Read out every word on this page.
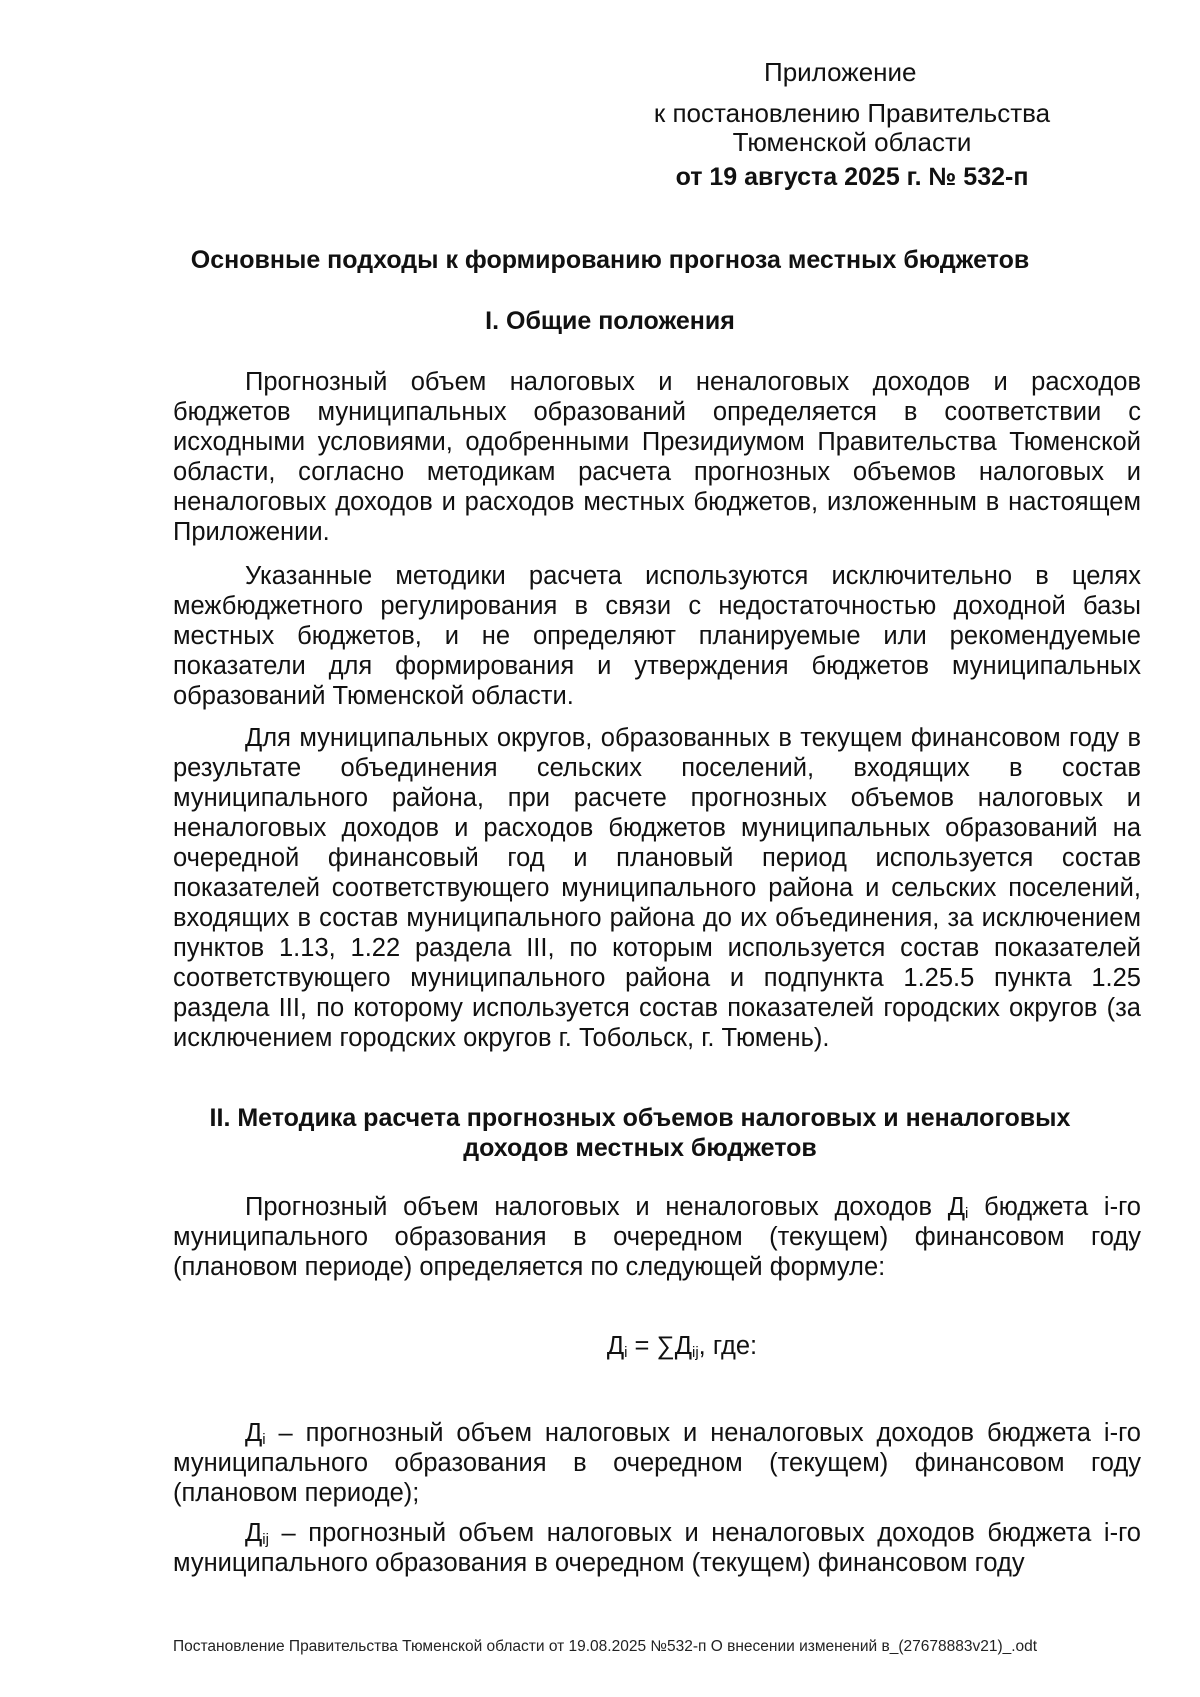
Приложение
к постановлению Правительства Тюменской области
от 19 августа 2025 г. № 532-п
Основные подходы к формированию прогноза местных бюджетов
I. Общие положения

Прогнозный объем налоговых и неналоговых доходов и расходов бюджетов муниципальных образований определяется в соответствии с исходными условиями, одобренными Президиумом Правительства Тюменской области, согласно методикам расчета прогнозных объемов налоговых и неналоговых доходов и расходов местных бюджетов, изложенным в настоящем Приложении.

Указанные методики расчета используются исключительно в целях межбюджетного регулирования в связи с недостаточностью доходной базы местных бюджетов, и не определяют планируемые или рекомендуемые показатели для формирования и утверждения бюджетов муниципальных образований Тюменской области.

Для муниципальных округов, образованных в текущем финансовом году в результате объединения сельских поселений, входящих в состав муниципального района, при расчете прогнозных объемов налоговых и неналоговых доходов и расходов бюджетов муниципальных образований на очередной финансовый год и плановый период используется состав показателей соответствующего муниципального района и сельских поселений, входящих в состав муниципального района до их объединения, за исключением пунктов 1.13, 1.22 раздела III, по которым используется состав показателей соответствующего муниципального района и подпункта 1.25.5 пункта 1.25 раздела III, по которому используется состав показателей городских округов (за исключением городских округов г. Тобольск, г. Тюмень).

II. Методика расчета прогнозных объемов налоговых и неналоговых доходов местных бюджетов

Прогнозный объем налоговых и неналоговых доходов $Д_i$ бюджета i-го муниципального образования в очередном (текущем) финансовом году (плановом периоде) определяется по следующей формуле:

$Д_i = \sum Д_{ij}$, где:

$Д_i$ – прогнозный объем налоговых и неналоговых доходов бюджета i-го муниципального образования в очередном (текущем) финансовом году (плановом периоде);

$Д_{ij}$ – прогнозный объем налоговых и неналоговых доходов бюджета i-го муниципального образования в очередном (текущем) финансовом году

Постановление Правительства Тюменской области от 19.08.2025 №532-п О внесении изменений в_(27678883v21)_.odt
